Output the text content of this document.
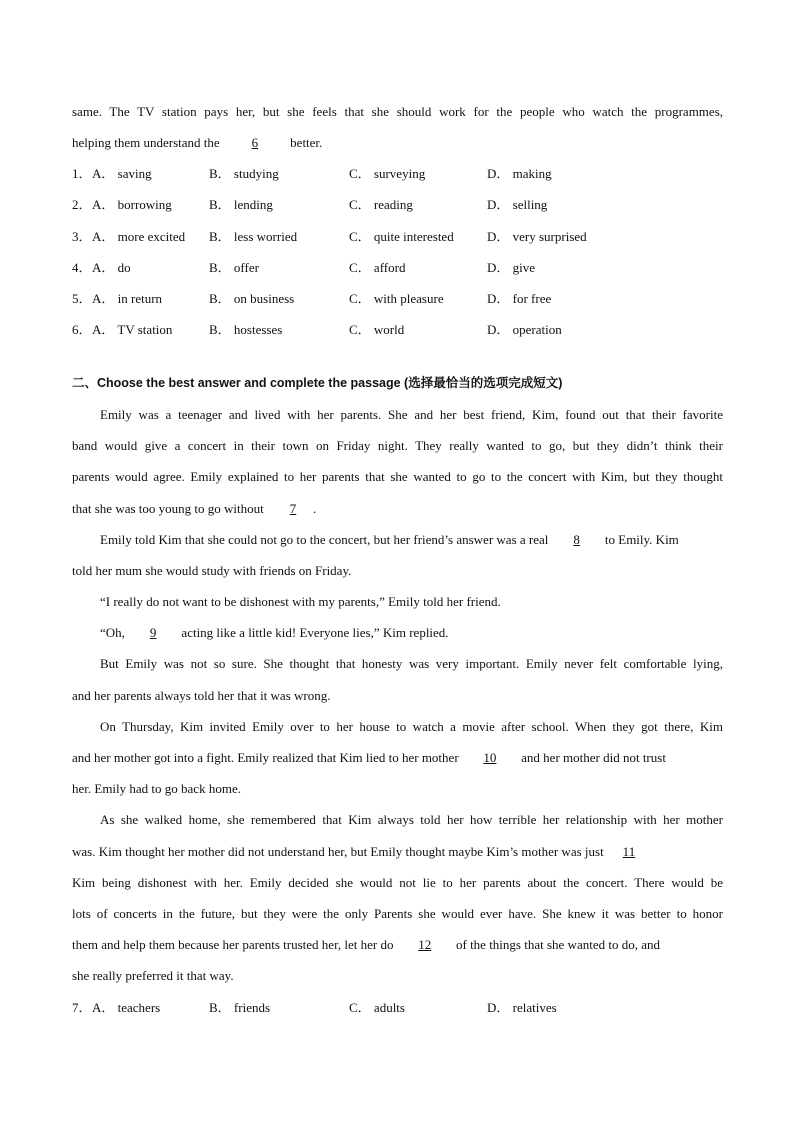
same. The TV station pays her, but she feels that she should work for the people who watch the programmes,
helping them understand the 6 better.
1． A． saving	B． studying	C． surveying	D． making
2． A． borrowing	B． lending	C． reading	D． selling
3． A． more excited	B． less worried	C． quite interested	D． very surprised
4． A． do	B． offer	C． afford	D． give
5． A． in return	B． on business	C． with pleasure	D． for free
6． A． TV station	B． hostesses	C． world	D． operation
二、Choose the best answer and complete the passage (选择最恰当的选项完成短文)
Emily was a teenager and lived with her parents. She and her best friend, Kim, found out that their favorite
band would give a concert in their town on Friday night. They really wanted to go, but they didn’t think their
parents would agree. Emily explained to her parents that she wanted to go to the concert with Kim, but they thought
that she was too young to go without 7 .
Emily told Kim that she could not go to the concert, but her friend’s answer was a real 8 to Emily. Kim
told her mum she would study with friends on Friday.
“I really do not want to be dishonest with my parents,” Emily told her friend.
“Oh, 9 acting like a little kid! Everyone lies,” Kim replied.
But Emily was not so sure. She thought that honesty was very important. Emily never felt comfortable lying,
and her parents always told her that it was wrong.
On Thursday, Kim invited Emily over to her house to watch a movie after school. When they got there, Kim
and her mother got into a fight. Emily realized that Kim lied to her mother 10 and her mother did not trust
her. Emily had to go back home.
As she walked home, she remembered that Kim always told her how terrible her relationship with her mother
was. Kim thought her mother did not understand her, but Emily thought maybe Kim’s mother was just 11
Kim being dishonest with her. Emily decided she would not lie to her parents about the concert. There would be
lots of concerts in the future, but they were the only Parents she would ever have. She knew it was better to honor
them and help them because her parents trusted her, let her do 12 of the things that she wanted to do, and
she really preferred it that way.
7． A． teachers	B． friends	C． adults	D． relatives
